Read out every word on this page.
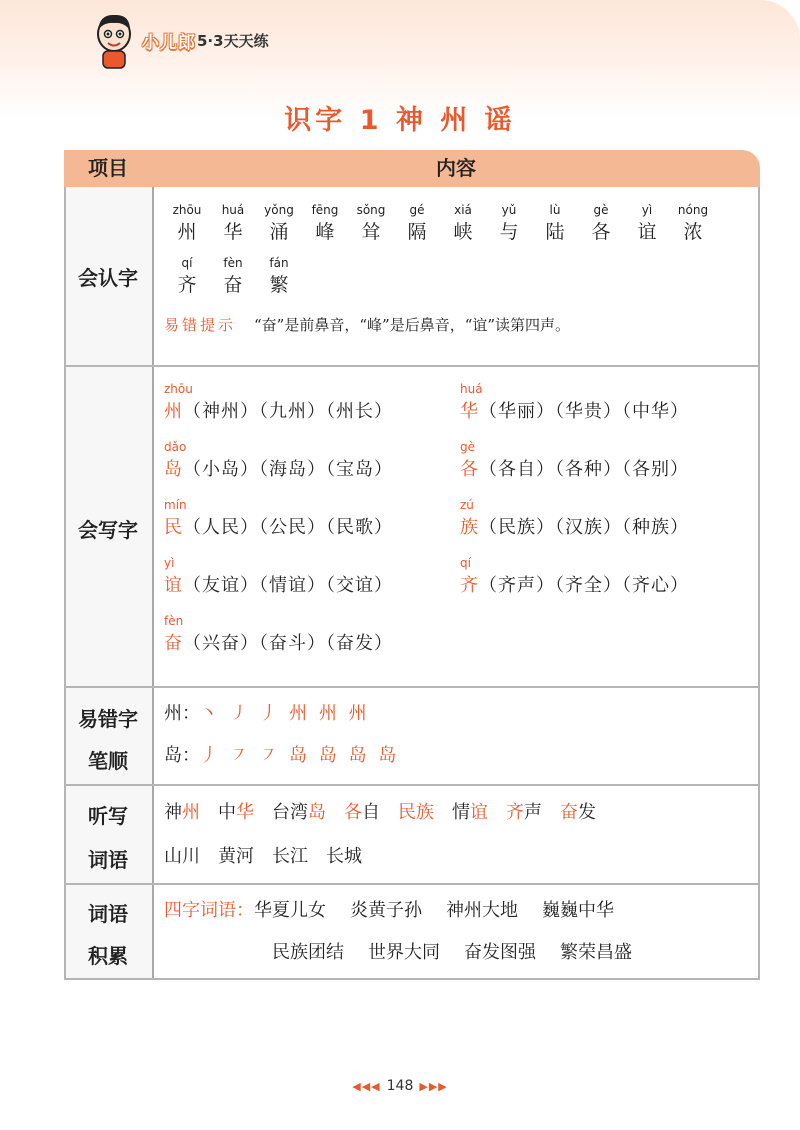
小儿郎 5·3天天练
识字 1 神 州 谣
项目	内容
会认字
zhōu
州
huá
华
yǒng
涌
fēng
峰
sǒng
耸
gé
隔
xiá
峡
yǔ
与
lù
陆
gè
各
yì
谊
nóng
浓
qí
齐
fèn
奋
fán
繁
易错提示 “奋”是前鼻音，“峰”是后鼻音，“谊”读第四声。
会写字
zhōu
州（神州）（九州）（州长）
huá
华（华丽）（华贵）（中华）
dǎo
岛（小岛）（海岛）（宝岛）
gè
各（各自）（各种）（各别）
mín
民（人民）（公民）（民歌）
zú
族（民族）（汉族）（种族）
yì
谊（友谊）（情谊）（交谊）
qí
齐（齐声）（齐全）（齐心）
fèn
奋（兴奋）（奋斗）（奋发）
易错字
笔顺
州：丶 ㇓ 丿 州 州 州
岛：丿 ㇇ ㇇ 岛 岛 岛 岛
听写
词语
神州 中华 台湾岛 各自 民族 情谊 齐声 奋发
山川 黄河 长江 长城
词语
积累
四字词语：华夏儿女 炎黄子孙 神州大地 巍巍中华
民族团结 世界大同 奋发图强 繁荣昌盛
◀◀◀ 148 ▶▶▶
